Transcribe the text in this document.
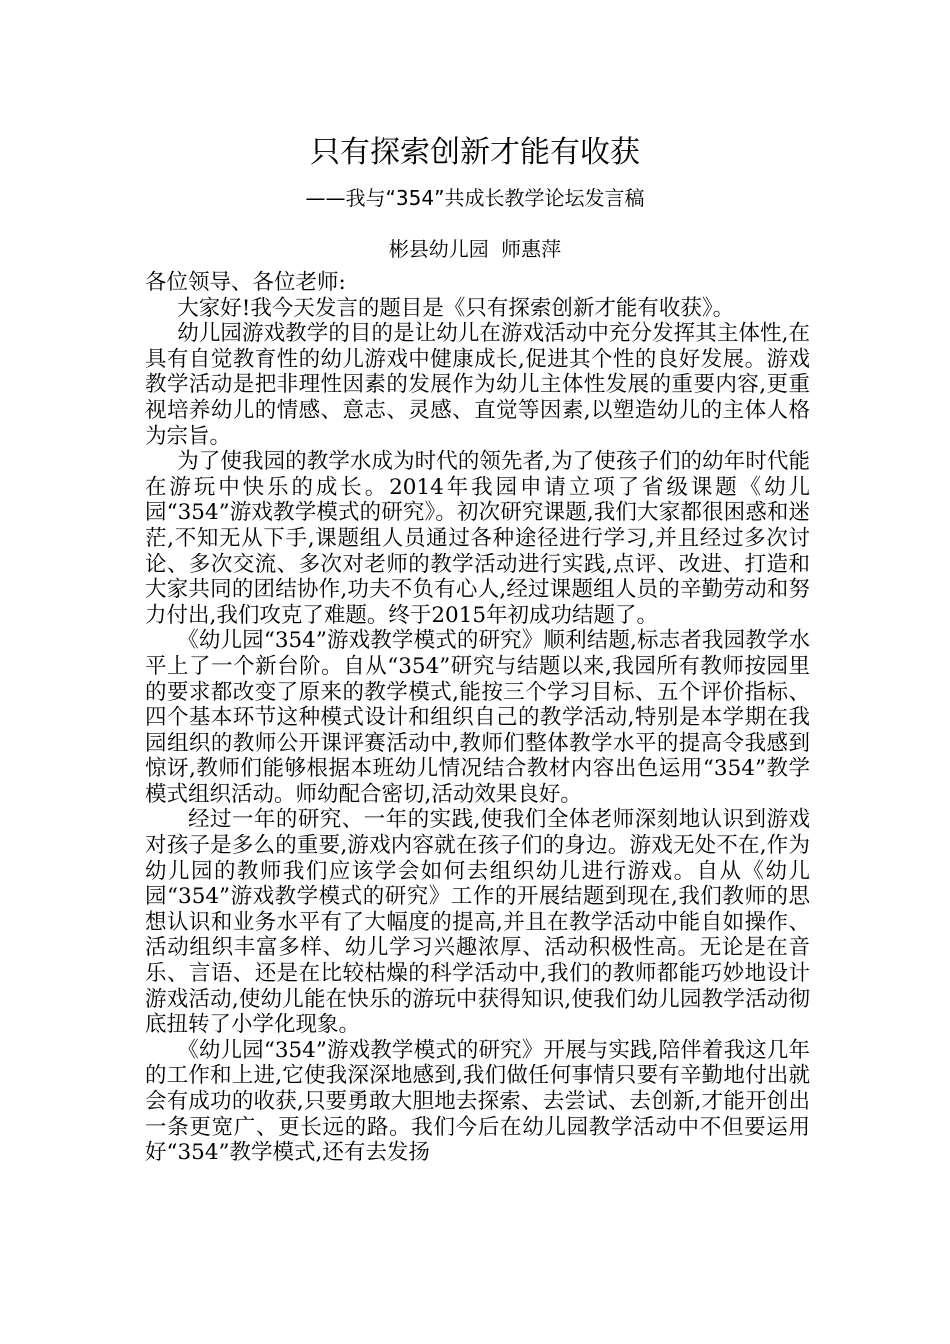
只有探索创新才能有收获
——我与“354”共成长教学论坛发言稿
彬县幼儿园 师惠萍

各位领导、各位老师:

大家好!我今天发言的题目是《只有探索创新才能有收获》。

幼儿园游戏教学的目的是让幼儿在游戏活动中充分发挥其主体性,在具有自觉教育性的幼儿游戏中健康成长,促进其个性的良好发展。游戏教学活动是把非理性因素的发展作为幼儿主体性发展的重要内容,更重视培养幼儿的情感、意志、灵感、直觉等因素,以塑造幼儿的主体人格为宗旨。

为了使我园的教学水成为时代的领先者,为了使孩子们的幼年时代能在游玩中快乐的成长。2014年我园申请立项了省级课题《幼儿园“354”游戏教学模式的研究》。初次研究课题,我们大家都很困惑和迷茫,不知无从下手,课题组人员通过各种途径进行学习,并且经过多次讨论、多次交流、多次对老师的教学活动进行实践,点评、改进、打造和大家共同的团结协作,功夫不负有心人,经过课题组人员的辛勤劳动和努力付出,我们攻克了难题。终于2015年初成功结题了。

《幼儿园“354”游戏教学模式的研究》顺利结题,标志者我园教学水平上了一个新台阶。自从“354”研究与结题以来,我园所有教师按园里的要求都改变了原来的教学模式,能按三个学习目标、五个评价指标、四个基本环节这种模式设计和组织自己的教学活动,特别是本学期在我园组织的教师公开课评赛活动中,教师们整体教学水平的提高令我感到惊讶,教师们能够根据本班幼儿情况结合教材内容出色运用“354”教学模式组织活动。师幼配合密切,活动效果良好。

经过一年的研究、一年的实践,使我们全体老师深刻地认识到游戏对孩子是多么的重要,游戏内容就在孩子们的身边。游戏无处不在,作为幼儿园的教师我们应该学会如何去组织幼儿进行游戏。自从《幼儿园“354”游戏教学模式的研究》工作的开展结题到现在,我们教师的思想认识和业务水平有了大幅度的提高,并且在教学活动中能自如操作、活动组织丰富多样、幼儿学习兴趣浓厚、活动积极性高。无论是在音乐、言语、还是在比较枯燥的科学活动中,我们的教师都能巧妙地设计游戏活动,使幼儿能在快乐的游玩中获得知识,使我们幼儿园教学活动彻底扭转了小学化现象。

《幼儿园“354”游戏教学模式的研究》开展与实践,陪伴着我这几年的工作和上进,它使我深深地感到,我们做任何事情只要有辛勤地付出就会有成功的收获,只要勇敢大胆地去探索、去尝试、去创新,才能开创出一条更宽广、更长远的路。我们今后在幼儿园教学活动中不但要运用好“354”教学模式,还有去发扬
